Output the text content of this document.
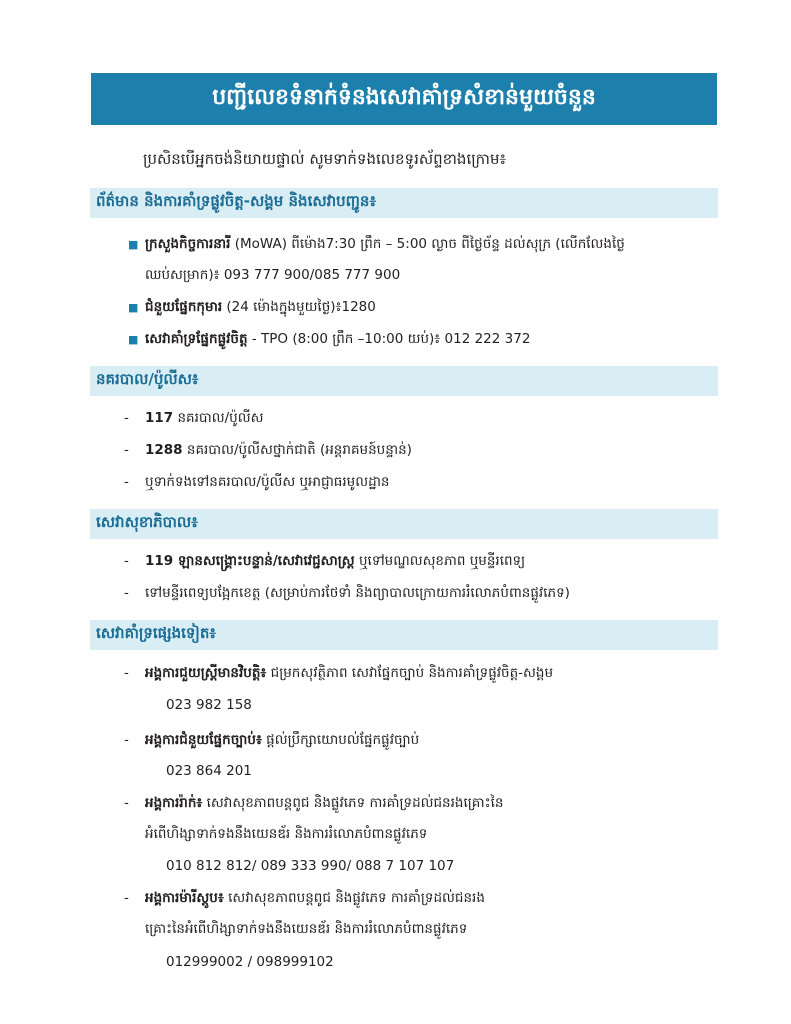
បញ្ជីលេខទំនាក់ទំនងសេវាគាំទ្រសំខាន់មួយចំនួន
ប្រសិនបើអ្នកចង់និយាយផ្ទាល់ សូមទាក់ទងលេខទូរស័ព្ទខាងក្រោម៖
ព័ត៌មាន និងការគាំទ្រផ្លូវចិត្ត-សង្គម និងសេវាបញ្ជូន៖
■ ក្រសួងកិច្ចការនារី (MoWA) ពីម៉ោង7:30 ព្រឹក – 5:00 ល្ងាច ពីថ្ងៃច័ន្ទ ដល់សុក្រ (លើកលែងថ្ងៃ
ឈប់សម្រាក)៖ 093 777 900/085 777 900
■ ជំនួយផ្នែកកុមារ (24 ម៉ោងក្នុងមួយថ្ងៃ)៖1280
■ សេវាគាំទ្រផ្នែកផ្លូវចិត្ត - TPO (8:00 ព្រឹក –10:00 យប់)៖ 012 222 372
នគរបាល/ប៉ូលីស៖
- 117 នគរបាល/ប៉ូលីស
- 1288 នគរបាល/ប៉ូលីសថ្នាក់ជាតិ (អន្តរាគមន៍បន្ទាន់)
- ឬទាក់ទងទៅនគរបាល/ប៉ូលីស ឬអាជ្ញាធរមូលដ្ឋាន
សេវាសុខាភិបាល៖
- 119 ឡានសង្គ្រោះបន្ទាន់/សេវាវេជ្ជសាស្ត្រ ឬទៅមណ្ឌលសុខភាព ឬមន្ទីរពេទ្យ
- ទៅមន្ទីរពេទ្យបង្អែកខេត្ត (សម្រាប់ការថែទាំ និងព្យាបាលក្រោយការរំលោភបំពានផ្លូវភេទ)
សេវាគាំទ្រផ្សេងទៀត៖
- អង្គការជួយស្ត្រីមានវិបត្តិ៖ ជម្រកសុវត្ថិភាព សេវាផ្នែកច្បាប់ និងការគាំទ្រផ្លូវចិត្ត-សង្គម
023 982 158
- អង្គការជំនួយផ្នែកច្បាប់៖ ផ្ដល់ប្រឹក្សាយោបល់ផ្នែកផ្លូវច្បាប់
023 864 201
- អង្គការរ៉ាក់៖ សេវាសុខភាពបន្តពូជ និងផ្លូវភេទ ការគាំទ្រដល់ជនរងគ្រោះនៃ
អំពើហិង្សាទាក់ទងនឹងយេនឌ័រ និងការរំលោភបំពានផ្លូវភេទ
010 812 812/ 089 333 990/ 088 7 107 107
- អង្គការម៉ារីស្តូប៖ សេវាសុខភាពបន្តពូជ និងផ្លូវភេទ ការគាំទ្រដល់ជនរង
គ្រោះនៃអំពើហិង្សាទាក់ទងនឹងយេនឌ័រ និងការរំលោភបំពានផ្លូវភេទ
012999002 / 098999102
